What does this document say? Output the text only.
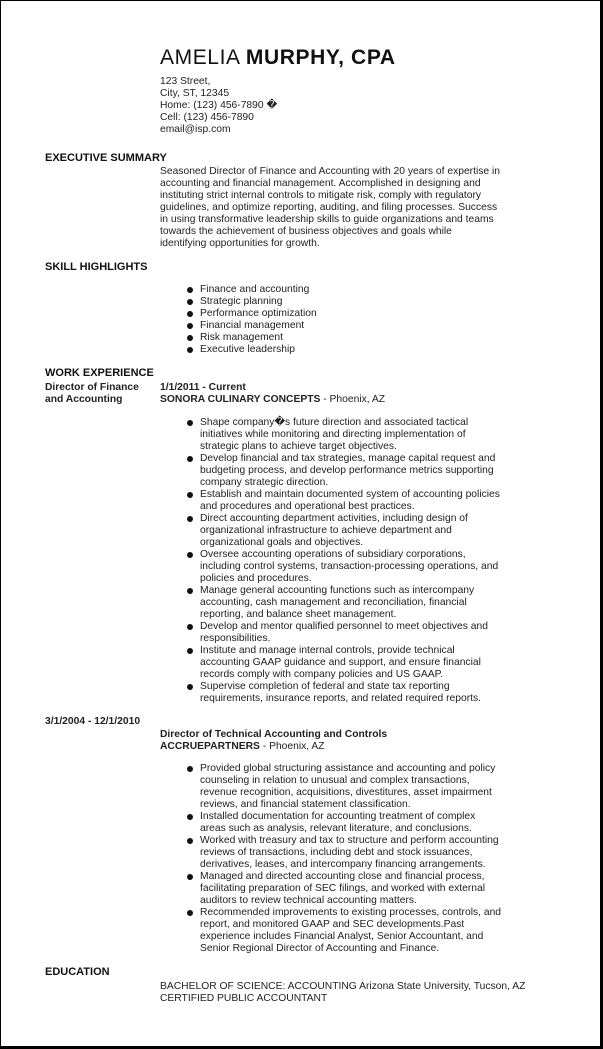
AMELIA MURPHY, CPA
123 Street,
City, ST, 12345
Home: (123) 456-7890 �
Cell: (123) 456-7890
email@isp.com
EXECUTIVE SUMMARY
Seasoned Director of Finance and Accounting with 20 years of expertise in
accounting and financial management. Accomplished in designing and
instituting strict internal controls to mitigate risk, comply with regulatory
guidelines, and optimize reporting, auditing, and filing processes. Success
in using transformative leadership skills to guide organizations and teams
towards the achievement of business objectives and goals while
identifying opportunities for growth.
SKILL HIGHLIGHTS
Finance and accounting
Strategic planning
Performance optimization
Financial management
Risk management
Executive leadership
WORK EXPERIENCE
Director of Finance
and Accounting
1/1/2011 - Current
SONORA CULINARY CONCEPTS - Phoenix, AZ
Shape company�s future direction and associated tactical
initiatives while monitoring and directing implementation of
strategic plans to achieve target objectives.
Develop financial and tax strategies, manage capital request and
budgeting process, and develop performance metrics supporting
company strategic direction.
Establish and maintain documented system of accounting policies
and procedures and operational best practices.
Direct accounting department activities, including design of
organizational infrastructure to achieve department and
organizational goals and objectives.
Oversee accounting operations of subsidiary corporations,
including control systems, transaction-processing operations, and
policies and procedures.
Manage general accounting functions such as intercompany
accounting, cash management and reconciliation, financial
reporting, and balance sheet management.
Develop and mentor qualified personnel to meet objectives and
responsibilities.
Institute and manage internal controls, provide technical
accounting GAAP guidance and support, and ensure financial
records comply with company policies and US GAAP.
Supervise completion of federal and state tax reporting
requirements, insurance reports, and related required reports.
3/1/2004 - 12/1/2010
Director of Technical Accounting and Controls
ACCRUEPARTNERS - Phoenix, AZ
Provided global structuring assistance and accounting and policy
counseling in relation to unusual and complex transactions,
revenue recognition, acquisitions, divestitures, asset impairment
reviews, and financial statement classification.
Installed documentation for accounting treatment of complex
areas such as analysis, relevant literature, and conclusions.
Worked with treasury and tax to structure and perform accounting
reviews of transactions, including debt and stock issuances,
derivatives, leases, and intercompany financing arrangements.
Managed and directed accounting close and financial process,
facilitating preparation of SEC filings, and worked with external
auditors to review technical accounting matters.
Recommended improvements to existing processes, controls, and
report, and monitored GAAP and SEC developments.Past
experience includes Financial Analyst, Senior Accountant, and
Senior Regional Director of Accounting and Finance.
EDUCATION
BACHELOR OF SCIENCE: ACCOUNTING Arizona State University, Tucson, AZ
CERTIFIED PUBLIC ACCOUNTANT
